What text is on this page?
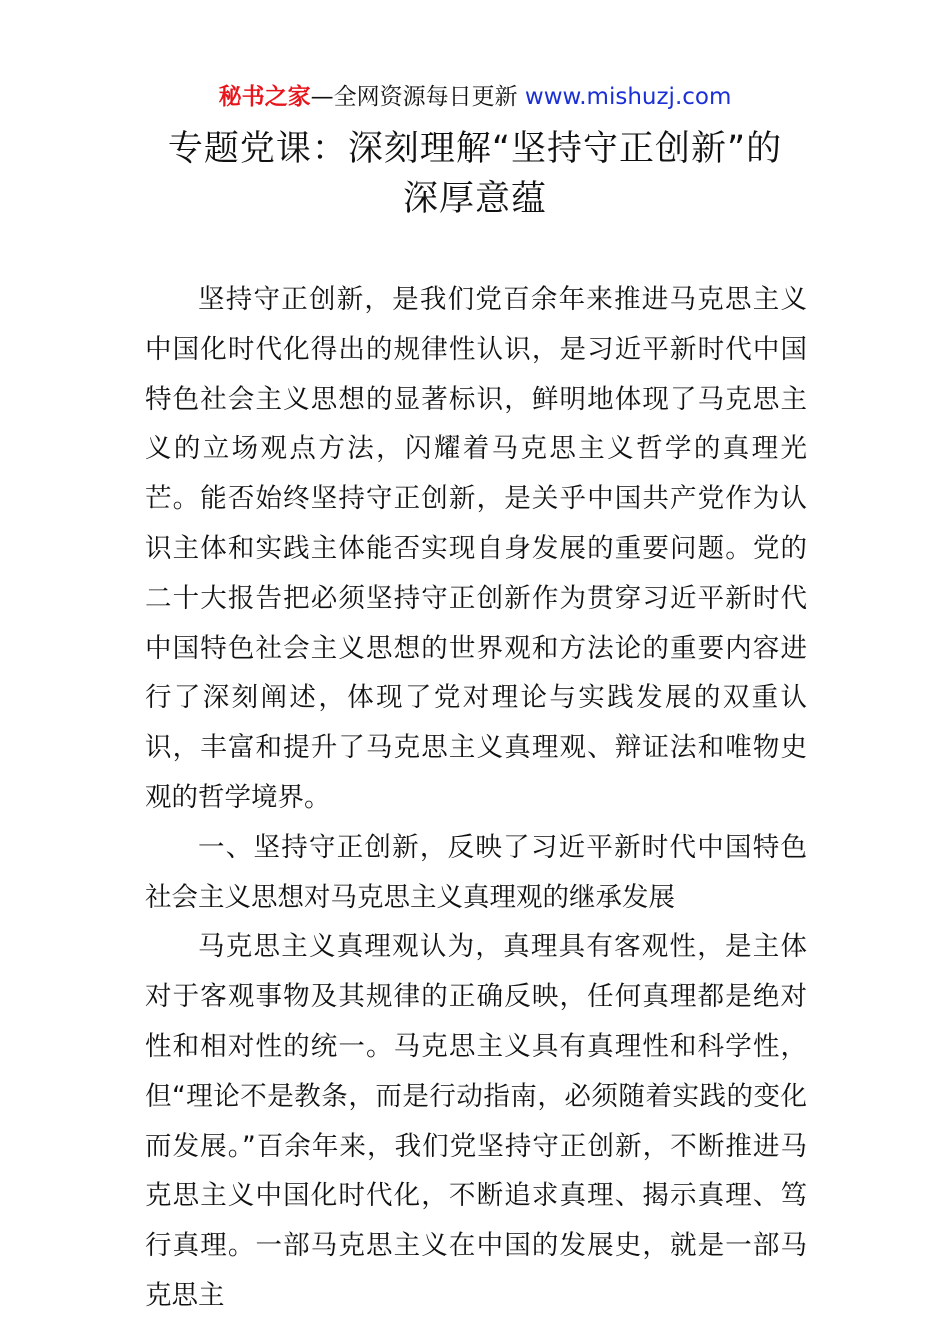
秘书之家—全网资源每日更新 www.mishuzj.com
专题党课：深刻理解“坚持守正创新”的
深厚意蕴

坚持守正创新，是我们党百余年来推进马克思主义中国化时代化得出的规律性认识，是习近平新时代中国特色社会主义思想的显著标识，鲜明地体现了马克思主义的立场观点方法，闪耀着马克思主义哲学的真理光芒。能否始终坚持守正创新，是关乎中国共产党作为认识主体和实践主体能否实现自身发展的重要问题。党的二十大报告把必须坚持守正创新作为贯穿习近平新时代中国特色社会主义思想的世界观和方法论的重要内容进行了深刻阐述，体现了党对理论与实践发展的双重认识，丰富和提升了马克思主义真理观、辩证法和唯物史观的哲学境界。

一、坚持守正创新，反映了习近平新时代中国特色社会主义思想对马克思主义真理观的继承发展

马克思主义真理观认为，真理具有客观性，是主体对于客观事物及其规律的正确反映，任何真理都是绝对性和相对性的统一。马克思主义具有真理性和科学性，但“理论不是教条，而是行动指南，必须随着实践的变化而发展。”百余年来，我们党坚持守正创新，不断推进马克思主义中国化时代化，不断追求真理、揭示真理、笃行真理。一部马克思主义在中国的发展史，就是一部马克思主
